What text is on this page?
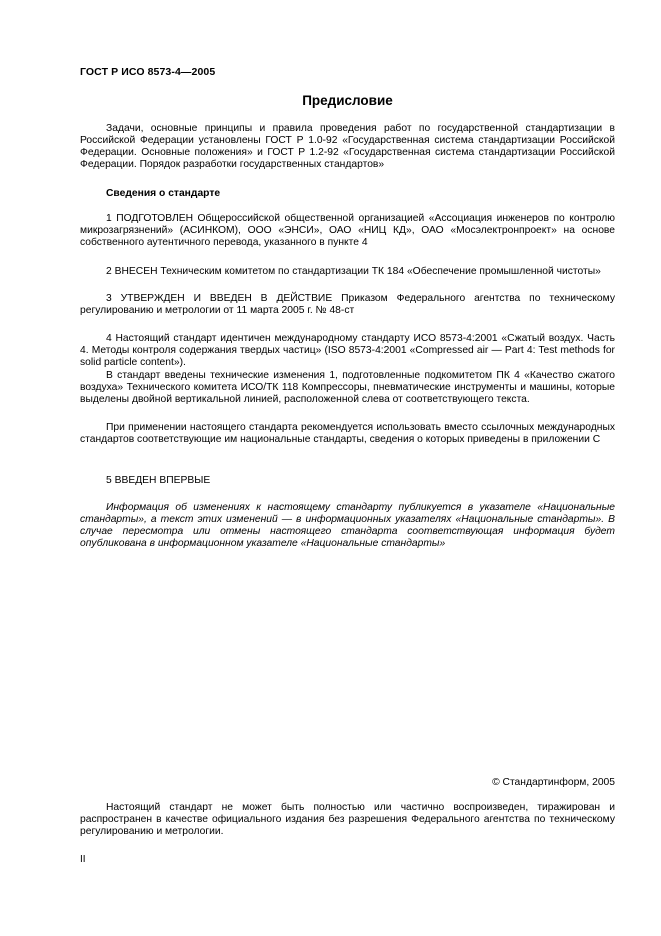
ГОСТ Р ИСО 8573-4—2005
Предисловие

Задачи, основные принципы и правила проведения работ по государственной стандартизации в Российской Федерации установлены ГОСТ Р 1.0-92 «Государственная система стандартизации Российской Федерации. Основные положения» и ГОСТ Р 1.2-92 «Государственная система стандартизации Российской Федерации. Порядок разработки государственных стандартов»

Сведения о стандарте

1 ПОДГОТОВЛЕН Общероссийской общественной организацией «Ассоциация инженеров по контролю микрозагрязнений» (АСИНКОМ), ООО «ЭНСИ», ОАО «НИЦ КД», ОАО «Мосэлектронпроект» на основе собственного аутентичного перевода, указанного в пункте 4

2 ВНЕСЕН Техническим комитетом по стандартизации ТК 184 «Обеспечение промышленной чистоты»

3 УТВЕРЖДЕН И ВВЕДЕН В ДЕЙСТВИЕ Приказом Федерального агентства по техническому регулированию и метрологии от 11 марта 2005 г. № 48-ст

4 Настоящий стандарт идентичен международному стандарту ИСО 8573-4:2001 «Сжатый воздух. Часть 4. Методы контроля содержания твердых частиц» (ISO 8573-4:2001 «Compressed air — Part 4: Test methods for solid particle content»).

В стандарт введены технические изменения 1, подготовленные подкомитетом ПК 4 «Качество сжатого воздуха» Технического комитета ИСО/ТК 118 Компрессоры, пневматические инструменты и машины, которые выделены двойной вертикальной линией, расположенной слева от соответствующего текста.

При применении настоящего стандарта рекомендуется использовать вместо ссылочных международных стандартов соответствующие им национальные стандарты, сведения о которых приведены в приложении С

5 ВВЕДЕН ВПЕРВЫЕ

Информация об изменениях к настоящему стандарту публикуется в указателе «Национальные стандарты», а текст этих изменений — в информационных указателях «Национальные стандарты». В случае пересмотра или отмены настоящего стандарта соответствующая информация будет опубликована в информационном указателе «Национальные стандарты»

© Стандартинформ, 2005

Настоящий стандарт не может быть полностью или частично воспроизведен, тиражирован и распространен в качестве официального издания без разрешения Федерального агентства по техническому регулированию и метрологии.

II
